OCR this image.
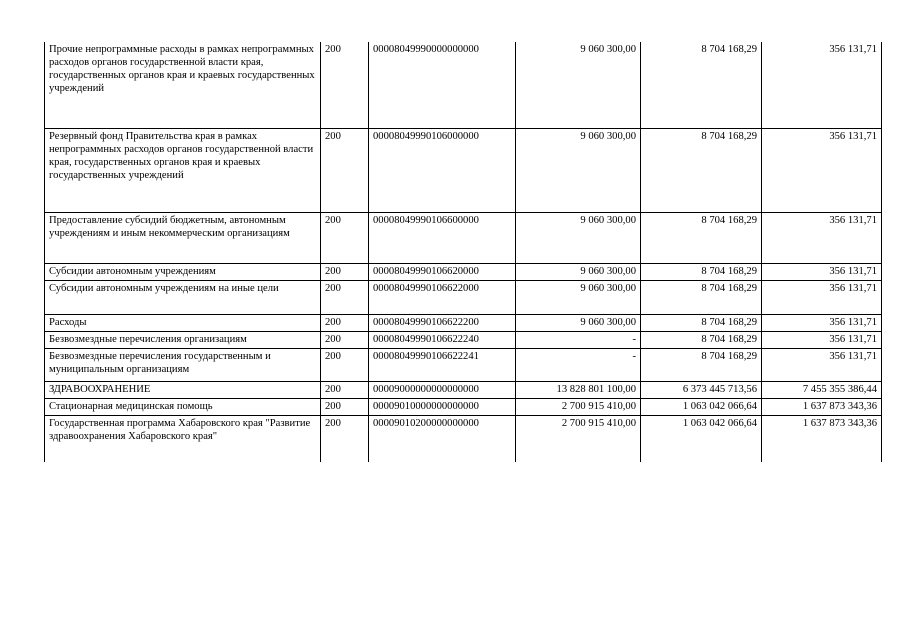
Прочие непрограммные расходы в рамках непрограммных расходов органов государственной власти края, государственных органов края и краевых государственных учреждений	200	00008049990000000000	9 060 300,00	8 704 168,29	356 131,71
Резервный фонд Правительства края в рамках непрограммных расходов органов государственной власти края, государственных органов края и краевых государственных учреждений	200	00008049990106000000	9 060 300,00	8 704 168,29	356 131,71
Предоставление субсидий бюджетным, автономным учреждениям и иным некоммерческим организациям	200	00008049990106600000	9 060 300,00	8 704 168,29	356 131,71
Субсидии автономным учреждениям	200	00008049990106620000	9 060 300,00	8 704 168,29	356 131,71
Субсидии автономным учреждениям на иные цели	200	00008049990106622000	9 060 300,00	8 704 168,29	356 131,71
Расходы	200	00008049990106622200	9 060 300,00	8 704 168,29	356 131,71
Безвозмездные перечисления организациям	200	00008049990106622240	-	8 704 168,29	356 131,71
Безвозмездные перечисления государственным и муниципальным организациям	200	00008049990106622241	-	8 704 168,29	356 131,71
ЗДРАВООХРАНЕНИЕ	200	00009000000000000000	13 828 801 100,00	6 373 445 713,56	7 455 355 386,44
Стационарная медицинская помощь	200	00009010000000000000	2 700 915 410,00	1 063 042 066,64	1 637 873 343,36
Государственная программа Хабаровского края "Развитие здравоохранения Хабаровского края"	200	00009010200000000000	2 700 915 410,00	1 063 042 066,64	1 637 873 343,36
